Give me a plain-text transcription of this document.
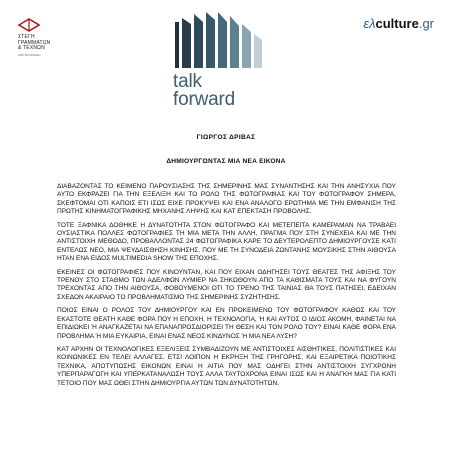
ΣΤΕΓΗ
ΓΡΑΜΜΑΤΩΝ
& ΤΕΧΝΩΝ
ΙΔΡΥΜΑ ΩΝΑΣΗ
talk
forward
ελculture.gr
ΓΙΩΡΓΟΣ ΔΡΙΒΑΣ
ΔΗΜΙΟΥΡΓΩΝΤΑΣ ΜΙΑ ΝΕΑ ΕΙΚΟΝΑ

ΔΙΑΒΑΖΟΝΤΑΣ ΤΟ ΚΕΙΜΕΝΟ ΠΑΡΟΥΣΙΑΣΗΣ ΤΗΣ ΣΗΜΕΡΙΝΗΣ ΜΑΣ ΣΥΝΑΝΤΗΣΗΣ ΚΑΙ ΤΗΝ ΑΝΗΣΥΧΙΑ ΠΟΥ ΑΥΤΟ ΕΚΦΡΑΖΕΙ ΓΙΑ ΤΗΝ ΕΞΕΛΙΞΗ ΚΑΙ ΤΟ ΡΟΛΟ ΤΗΣ ΦΩΤΟΓΡΑΦΙΑΣ ΚΑΙ ΤΟΥ ΦΩΤΟΓΡΑΦΟΥ ΣΗΜΕΡΑ, ΣΚΕΦΤΟΜΑΙ ΟΤΙ ΚΑΠΟΙΣ ΕΤΙ ΙΣΩΣ ΕΙΧΕ ΠΡΟΚΥΨΕΙ ΚΑΙ ΕΝΑ ΑΝΑΛΟΓΟ ΕΡΩΤΗΜΑ ΜΕ ΤΗΝ ΕΜΦΑΝΙΣΗ ΤΗΣ ΠΡΩΤΗΣ ΚΙΝΗΜΑΤΟΓΡΑΦΙΚΗΣ ΜΗΧΑΝΗΣ ΛΗΨΗΣ ΚΑΙ ΚΑΤ ΕΠΕΚΤΑΣΗ ΠΡΟΒΟΛΗΣ.

ΤΟΤΕ ΞΑΦΝΙΚΑ ΔΟΘΗΚΕ Η ΔΥΝΑΤΟΤΗΤΑ ΣΤΟΝ ΦΩΤΟΓΡΑΦΟ ΚΑΙ ΜΕΤΕΠΕΙΤΑ ΚΑΜΕΡΑΜΑΝ ΝΑ ΤΡΑΒΑΕΙ ΟΥΣΙΑΣΤΙΚΑ ΠΟΛΛΕΣ ΦΩΤΟΓΡΑΦΙΕΣ ΤΗ ΜΙΑ ΜΕΤΑ ΤΗΝ ΑΛΛΗ, ΠΡΑΓΜΑ ΠΟΥ ΣΤΗ ΣΥΝΕΧΕΙΑ ΚΑΙ ΜΕ ΤΗΝ ΑΝΤΙΣΤΟΙΧΗ ΜΕΘΟΔΟ, ΠΡΟΒΑΛΛΟΝΤΑΣ 24 ΦΩΤΟΓΡΑΦΙΚΑ ΚΑΡΕ ΤΟ ΔΕΥΤΕΡΟΛΕΠΤΟ ΔΗΜΙΟΥΡΓΟΥΣΕ ΚΑΤΙ ΕΝΤΕΛΩΣ ΝΕΟ, ΜΙΑ ΨΕΥΔΑΙΣΘΗΣΗ ΚΙΝΗΣΗΣ, ΠΟΥ ΜΕ ΤΗ ΣΥΝΟΔΕΙΑ ΖΩΝΤΑΝΗΣ ΜΟΥΣΙΚΗΣ ΣΤΗΝ ΑΙΘΟΥΣΑ ΗΤΑΝ ΕΝΑ ΕΙΔΟΣ MULTIMEDIA SHOW ΤΗΣ ΕΠΟΧΗΣ.

ΕΚΕΙΝΕΣ ΟΙ ΦΩΤΟΓΡΑΦΙΕΣ ΠΟΥ ΚΙΝΟΥΝΤΑΝ, ΚΑΙ ΠΟΥ ΕΙΧΑΝ ΟΔΗΓΗΣΕΙ ΤΟΥΣ ΘΕΑΤΕΣ ΤΗΣ ΑΦΙΞΗΣ ΤΟΥ ΤΡΕΝΟΥ ΣΤΟ ΣΤΑΘΜΟ ΤΩΝ ΑΔΕΛΦΩΝ ΛΥΜΙΕΡ ΝΑ ΣΗΚΩΘΟΥΝ ΑΠΟ ΤΑ ΚΑΘΙΣΜΑΤΑ ΤΟΥΣ ΚΑΙ ΝΑ ΦΥΓΟΥΝ ΤΡΕΧΟΝΤΑΣ ΑΠΟ ΤΗΝ ΑΙΘΟΥΣΑ, ΦΟΒΟΥΜΕΝΟΙ ΟΤΙ ΤΟ ΤΡΕΝΟ ΤΗΣ ΤΑΙΝΙΑΣ ΘΑ ΤΟΥΣ ΠΑΤΗΣΕΙ, ΕΔΕΙΧΑΝ ΣΧΕΔΟΝ ΑΚΑΙΡΑΙΟ ΤΟ ΠΡΟΒΛΗΜΑΤΙΣΜΟ ΤΗΣ ΣΗΜΕΡΙΝΗΣ ΣΥΖΗΤΗΣΗΣ.

ΠΟΙΟΣ ΕΙΝΑΙ Ο ΡΟΛΟΣ ΤΟΥ ΔΗΜΙΟΥΡΓΟΥ ΚΑΙ ΕΝ ΠΡΟΚΕΙΜΕΝΩ ΤΟΥ ΦΩΤΟΓΡΑΦΟΥ ΚΑΘΩΣ ΚΑΙ ΤΟΥ ΕΚΑΣΤΟΤΕ ΘΕΑΤΗ ΚΑΘΕ ΦΟΡΑ ΠΟΥ Η ΕΠΟΧΗ, Η ΤΕΧΝΟΛΟΓΙΑ, Ή ΚΑΙ ΑΥΤΟΣ Ο ΙΔΙΟΣ ΑΚΟΜΗ, ΦΑΙΝΕΤΑΙ ΝΑ ΕΠΙΔΙΩΚΕΙ Ή ΑΝΑΓΚΑΖΕΤΑΙ ΝΑ ΕΠΑΝΑΠΡΟΣΔΙΟΡΙΣΕΙ ΤΗ ΘΕΣΗ ΚΑΙ ΤΟΝ ΡΟΛΟ ΤΟΥ? ΕΙΝΑΙ ΚΑΘΕ ΦΟΡΑ ΕΝΑ ΠΡΟΒΛΗΜΑ Ή ΜΙΑ ΕΥΚΑΙΡΙΑ, ΕΙΝΑΙ ΕΝΑΣ ΝΕΟΣ ΚΙΝΔΥΝΟΣ Ή ΜΙΑ ΝΕΑ ΛΥΣΗ?

ΚΑΤ ΑΡΧΗΝ ΟΙ ΤΕΧΝΟΛΟΓΙΚΕΣ ΕΞΕΛΙΞΕΙΣ ΣΥΜΒΑΔΙΖΟΥΝ ΜΕ ΑΝΤΙΣΤΟΙΧΕΣ ΑΙΣΘΗΤΙΚΕΣ, ΠΟΛΙΤΙΣΤΙΚΕΣ ΚΑΙ ΚΟΙΝΩΝΙΚΕΣ ΕΝ ΤΕΛΕΙ ΑΛΛΑΓΕΣ. ΕΤΣΙ ΛΟΙΠΟΝ Η ΕΚΡΗΞΗ ΤΗΣ ΓΡΗΓΟΡΗΣ, ΚΑΙ ΕΞΑΙΡΕΤΙΚΑ ΠΟΙΟΤΙΚΗΣ ΤΕΧΝΙΚΑ, ΑΠΟΤΥΠΩΣΗΣ ΕΙΚΟΝΩΝ ΕΙΝΑΙ Η ΑΙΤΙΑ ΠΟΥ ΜΑΣ ΟΔΗΓΕΙ ΣΤΗΝ ΑΝΤΙΣΤΟΙΧΗ ΣΥΓΧΡΟΝΗ ΥΠΕΡΠΑΡΑΓΩΓΗ ΚΑΙ ΥΠΕΡΚΑΤΑΝΑΛΩΣΗ ΤΟΥΣ ΑΛΛΑ ΤΑΥΤΟΧΡΟΝΑ ΕΙΝΑΙ ΙΣΩΣ ΚΑΙ Η ΑΝΑΓΚΗ ΜΑΣ ΓΙΑ ΚΑΤΙ ΤΕΤΟΙΟ ΠΟΥ ΜΑΣ ΩΘΕΙ ΣΤΗΝ ΔΗΜΙΟΥΡΓΙΑ ΑΥΤΩΝ ΤΩΝ ΔΥΝΑΤΟΤΗΤΩΝ.
